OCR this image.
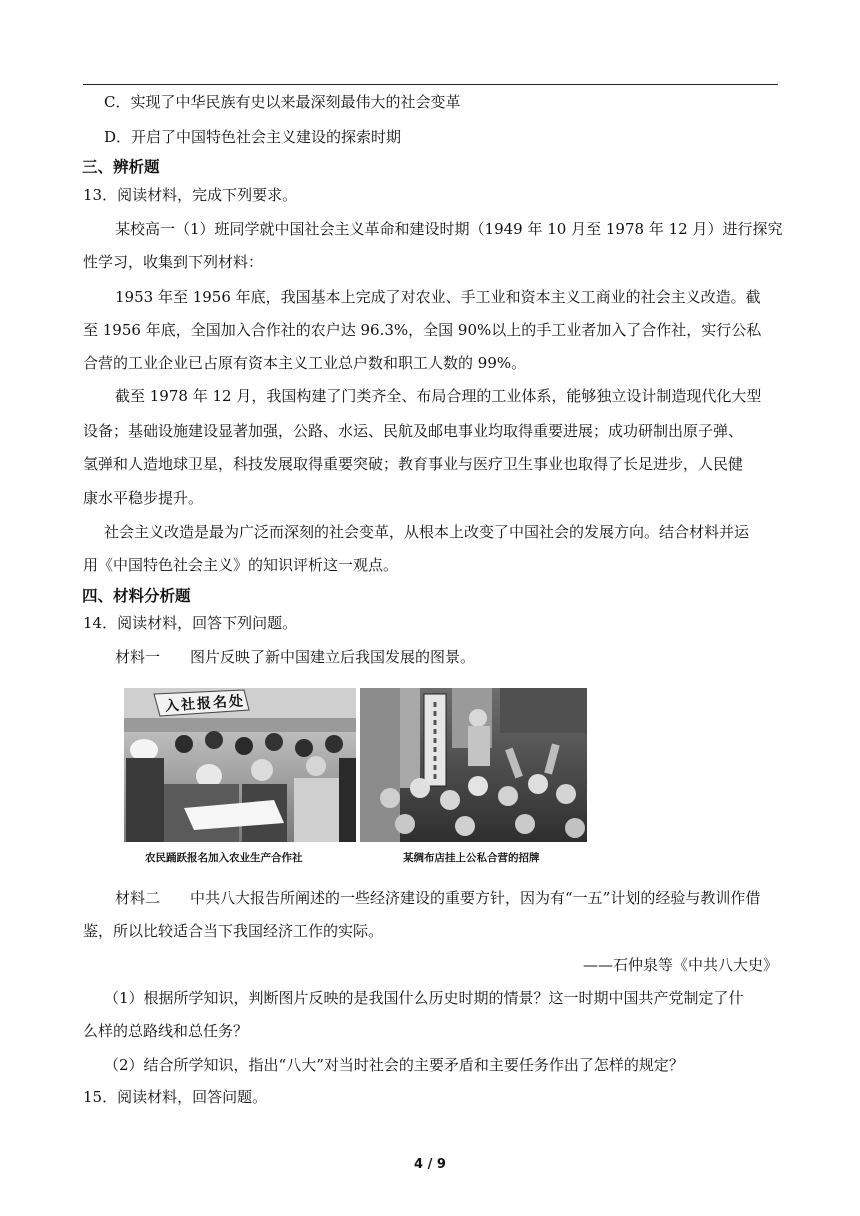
C．实现了中华民族有史以来最深刻最伟大的社会变革
D．开启了中国特色社会主义建设的探索时期
三、辨析题
13．阅读材料，完成下列要求。
某校高一（1）班同学就中国社会主义革命和建设时期（1949 年 10 月至 1978 年 12 月）进行探究
性学习，收集到下列材料：
1953 年至 1956 年底，我国基本上完成了对农业、手工业和资本主义工商业的社会主义改造。截
至 1956 年底，全国加入合作社的农户达 96.3%，全国 90%以上的手工业者加入了合作社，实行公私
合营的工业企业已占原有资本主义工业总户数和职工人数的 99%。
截至 1978 年 12 月，我国构建了门类齐全、布局合理的工业体系，能够独立设计制造现代化大型
设备；基础设施建设显著加强，公路、水运、民航及邮电事业均取得重要进展；成功研制出原子弹、
氢弹和人造地球卫星，科技发展取得重要突破；教育事业与医疗卫生事业也取得了长足进步，人民健
康水平稳步提升。
社会主义改造是最为广泛而深刻的社会变革，从根本上改变了中国社会的发展方向。结合材料并运
用《中国特色社会主义》的知识评析这一观点。
四、材料分析题
14．阅读材料，回答下列问题。
材料一　　图片反映了新中国建立后我国发展的图景。
入社报名处
农民踊跃报名加入农业生产合作社	某绸布店挂上公私合营的招牌
材料二　　中共八大报告所阐述的一些经济建设的重要方针，因为有“一五”计划的经验与教训作借
鉴，所以比较适合当下我国经济工作的实际。
——石仲泉等《中共八大史》
（1）根据所学知识，判断图片反映的是我国什么历史时期的情景？这一时期中国共产党制定了什
么样的总路线和总任务？
（2）结合所学知识，指出“八大”对当时社会的主要矛盾和主要任务作出了怎样的规定？
15．阅读材料，回答问题。
4 / 9
